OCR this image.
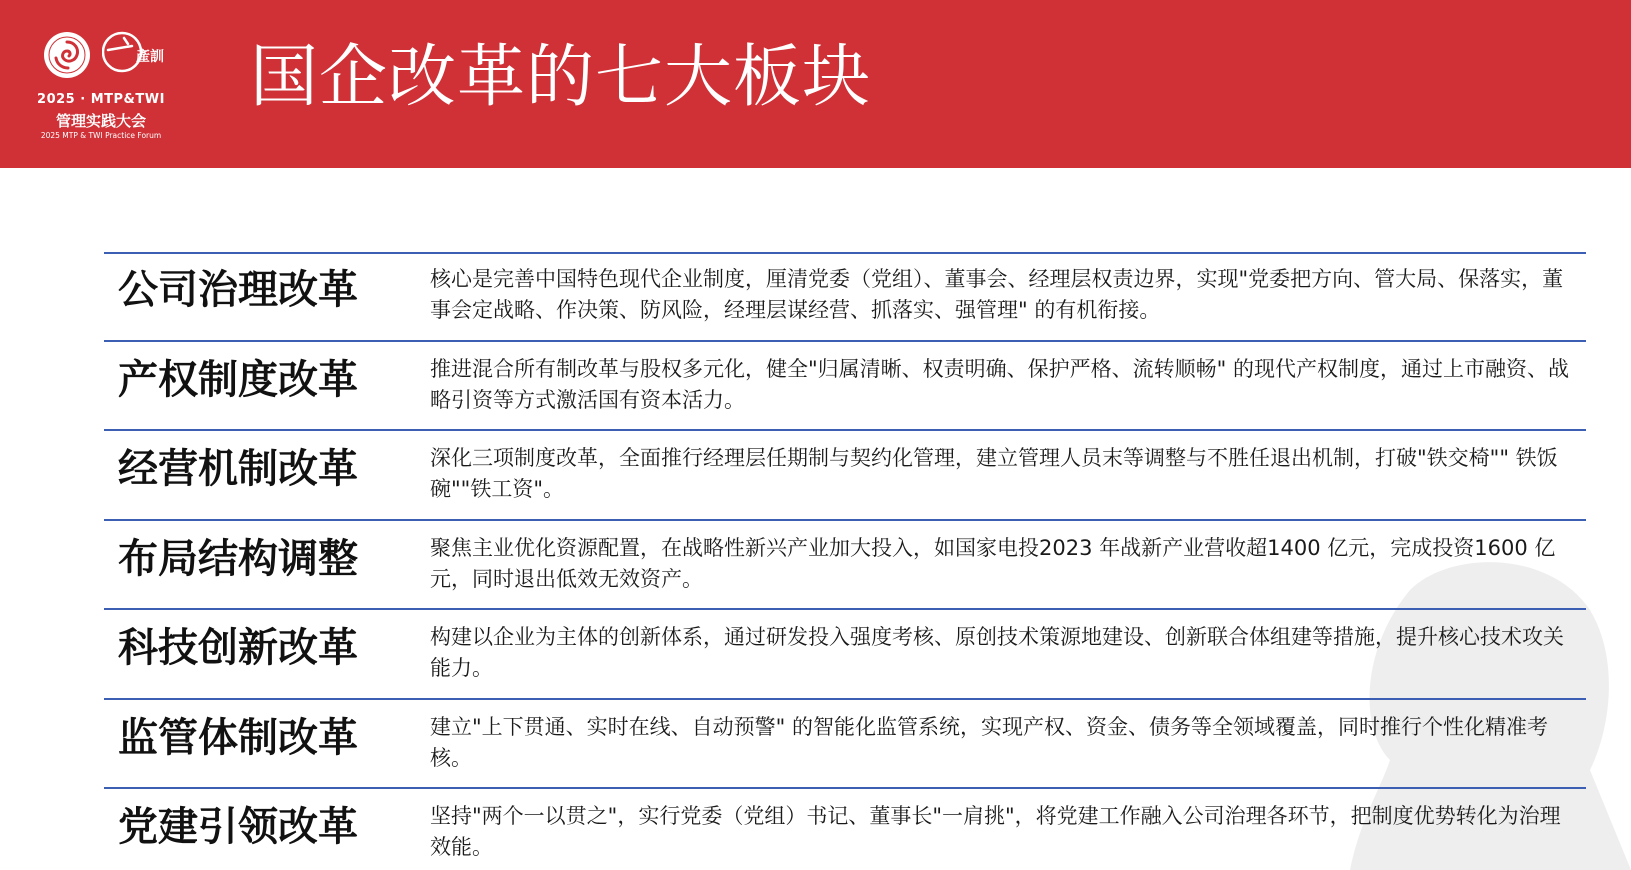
產訓
2025 · MTP&TWI
管理实践大会
2025 MTP & TWI Practice Forum
国企改革的七大板块
公司治理改革	核心是完善中国特色现代企业制度，厘清党委（党组）、董事会、经理层权责边界，实现"党委把方向、管大局、保落实，董事会定战略、作决策、防风险，经理层谋经营、抓落实、强管理" 的有机衔接。
产权制度改革	推进混合所有制改革与股权多元化，健全"归属清晰、权责明确、保护严格、流转顺畅" 的现代产权制度，通过上市融资、战略引资等方式激活国有资本活力。
经营机制改革	深化三项制度改革，全面推行经理层任期制与契约化管理，建立管理人员末等调整与不胜任退出机制，打破"铁交椅"" 铁饭碗""铁工资"。
布局结构调整	聚焦主业优化资源配置，在战略性新兴产业加大投入，如国家电投2023 年战新产业营收超1400 亿元，完成投资1600 亿元，同时退出低效无效资产。
科技创新改革	构建以企业为主体的创新体系，通过研发投入强度考核、原创技术策源地建设、创新联合体组建等措施，提升核心技术攻关能力。
监管体制改革	建立"上下贯通、实时在线、自动预警" 的智能化监管系统，实现产权、资金、债务等全领域覆盖，同时推行个性化精准考核。
党建引领改革	坚持"两个一以贯之"，实行党委（党组）书记、董事长"一肩挑"，将党建工作融入公司治理各环节，把制度优势转化为治理效能。
